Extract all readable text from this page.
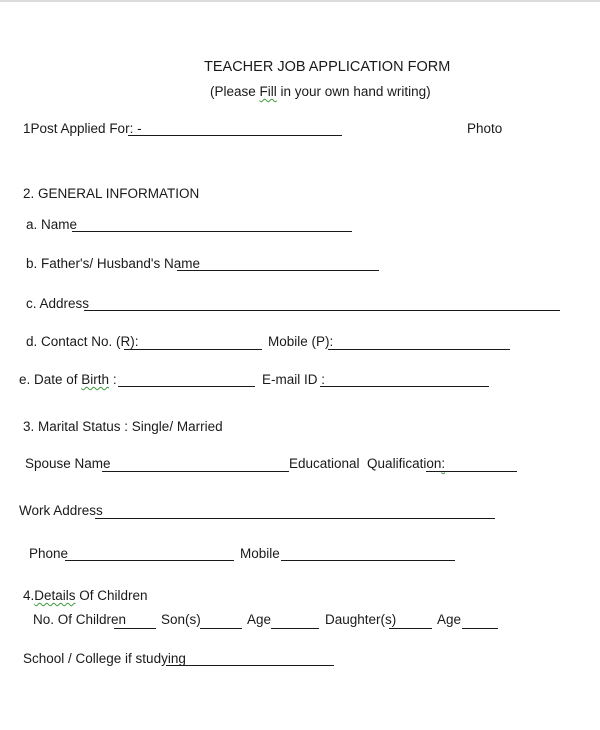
TEACHER JOB APPLICATION FORM
(Please Fill in your own hand writing)
1Post Applied For: -	Photo
2. GENERAL INFORMATION
a. Name
b. Father's/ Husband's Name
c. Address
d. Contact No. (R):	Mobile (P):
e. Date of Birth :	E-mail ID :
3. Marital Status : Single/ Married
Spouse Name	Educational  Qualification:
Work Address
Phone	Mobile
4.Details Of Children
No. Of Children	Son(s)	Age	Daughter(s)	Age
School / College if studying
